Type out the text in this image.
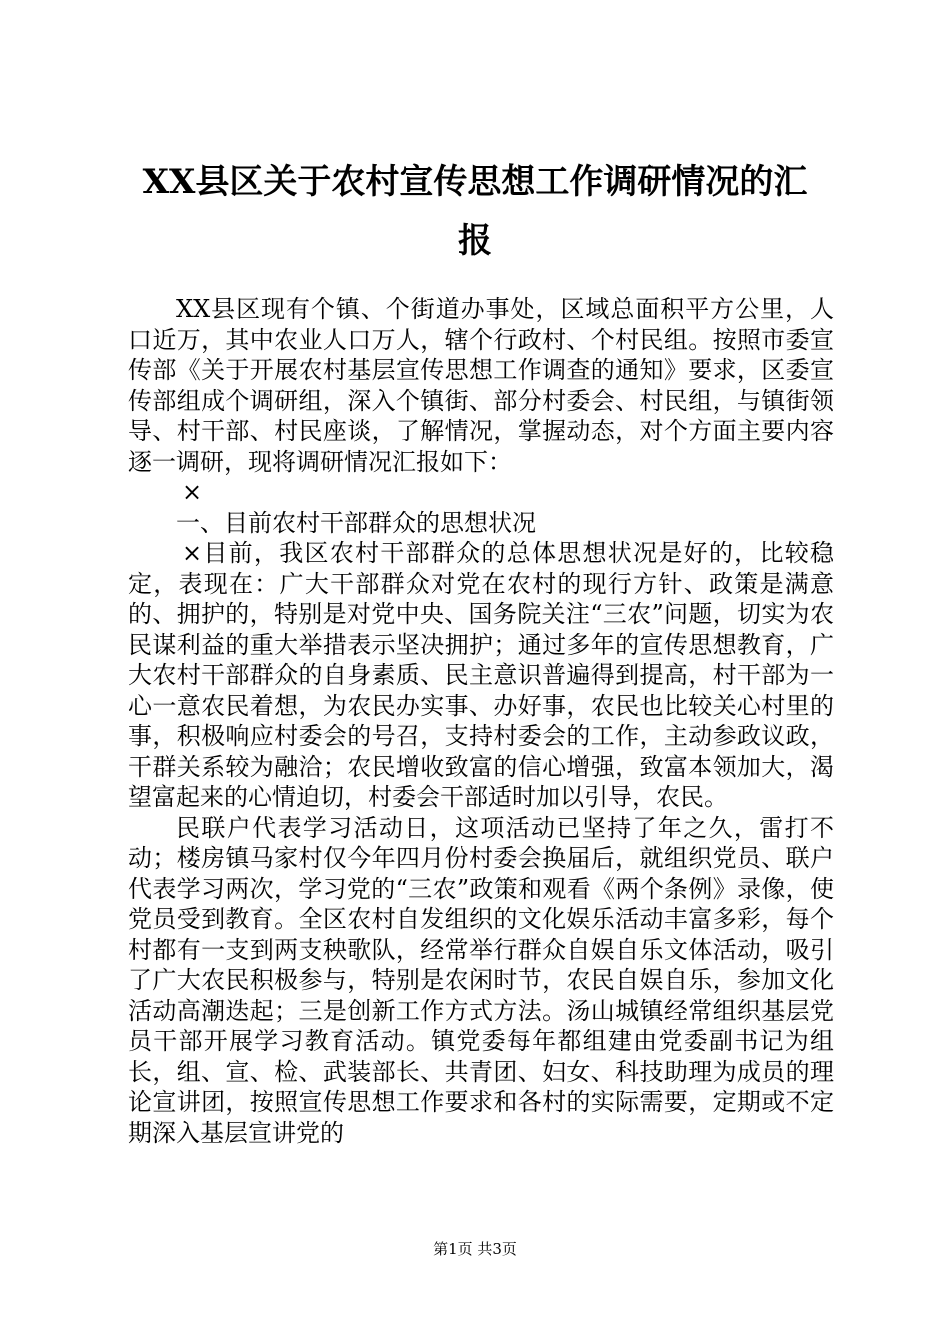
XX县区关于农村宣传思想工作调研情况的汇
报

XX县区现有个镇、个街道办事处，区域总面积平方公里，人口近万，其中农业人口万人，辖个行政村、个村民组。按照市委宣传部《关于开展农村基层宣传思想工作调查的通知》要求，区委宣传部组成个调研组，深入个镇街、部分村委会、村民组，与镇街领导、村干部、村民座谈，了解情况，掌握动态，对个方面主要内容逐一调研，现将调研情况汇报如下：

×

一、目前农村干部群众的思想状况

×目前，我区农村干部群众的总体思想状况是好的，比较稳定，表现在：广大干部群众对党在农村的现行方针、政策是满意的、拥护的，特别是对党中央、国务院关注“三农”问题，切实为农民谋利益的重大举措表示坚决拥护；通过多年的宣传思想教育，广大农村干部群众的自身素质、民主意识普遍得到提高，村干部为一心一意农民着想，为农民办实事、办好事，农民也比较关心村里的事，积极响应村委会的号召，支持村委会的工作，主动参政议政，干群关系较为融洽；农民增收致富的信心增强，致富本领加大，渴望富起来的心情迫切，村委会干部适时加以引导，农民。

民联户代表学习活动日，这项活动已坚持了年之久，雷打不动；楼房镇马家村仅今年四月份村委会换届后，就组织党员、联户代表学习两次，学习党的“三农”政策和观看《两个条例》录像，使党员受到教育。全区农村自发组织的文化娱乐活动丰富多彩，每个村都有一支到两支秧歌队，经常举行群众自娱自乐文体活动，吸引了广大农民积极参与，特别是农闲时节，农民自娱自乐，参加文化活动高潮迭起；三是创新工作方式方法。汤山城镇经常组织基层党员干部开展学习教育活动。镇党委每年都组建由党委副书记为组长，组、宣、检、武装部长、共青团、妇女、科技助理为成员的理论宣讲团，按照宣传思想工作要求和各村的实际需要，定期或不定期深入基层宣讲党的

第1页 共3页
